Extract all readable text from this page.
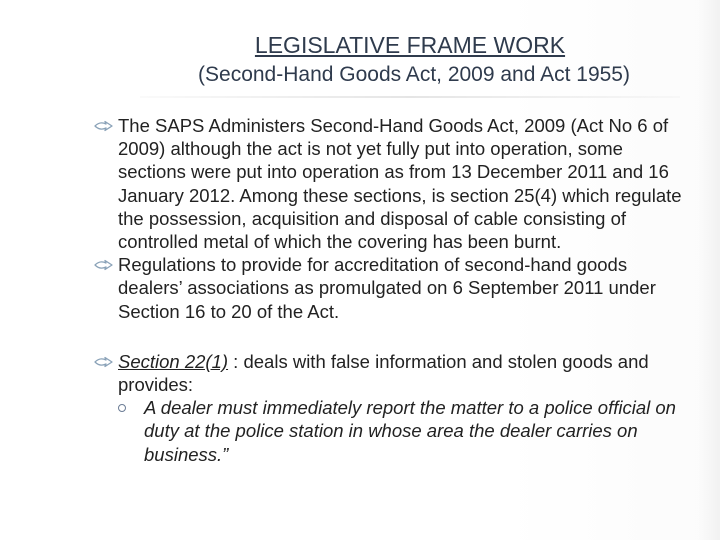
LEGISLATIVE FRAME WORK
(Second-Hand Goods Act, 2009 and Act 1955)

The SAPS Administers Second-Hand Goods Act, 2009 (Act No 6 of 2009) although the act is not yet fully put into operation, some sections were put into operation as from 13 December 2011 and 16 January 2012. Among these sections, is section 25(4) which regulate the possession, acquisition and disposal of cable consisting of controlled metal of which the covering has been burnt.

Regulations to provide for accreditation of second-hand goods dealers’ associations as promulgated on 6 September 2011 under Section 16 to 20 of the Act.

Section 22(1) : deals with false information and stolen goods and provides:

A dealer must immediately report the matter to a police official on duty at the police station in whose area the dealer carries on business.”
